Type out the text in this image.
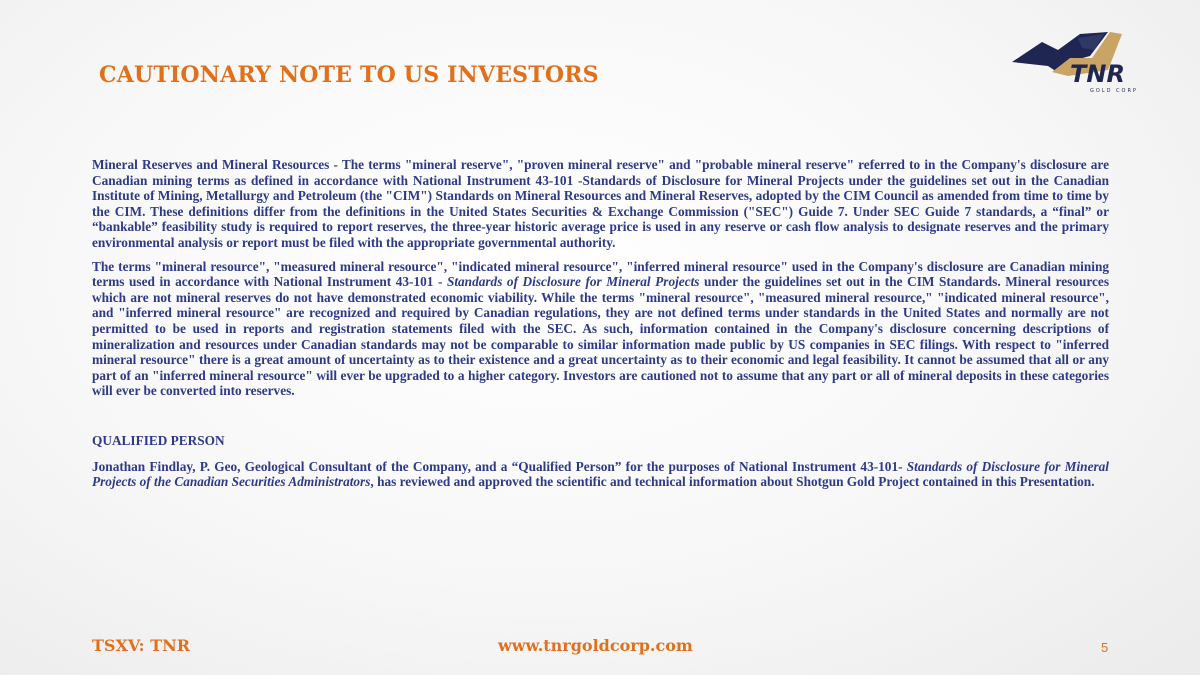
CAUTIONARY NOTE TO US INVESTORS	TNR
GOLD CORP

Mineral Reserves and Mineral Resources - The terms "mineral reserve", "proven mineral reserve" and "probable mineral reserve" referred to in the Company's disclosure are Canadian mining terms as defined in accordance with National Instrument 43-101 -Standards of Disclosure for Mineral Projects under the guidelines set out in the Canadian Institute of Mining, Metallurgy and Petroleum (the "CIM") Standards on Mineral Resources and Mineral Reserves, adopted by the CIM Council as amended from time to time by the CIM. These definitions differ from the definitions in the United States Securities & Exchange Commission ("SEC") Guide 7. Under SEC Guide 7 standards, a “final” or “bankable” feasibility study is required to report reserves, the three-year historic average price is used in any reserve or cash flow analysis to designate reserves and the primary environmental analysis or report must be filed with the appropriate governmental authority.

The terms "mineral resource", "measured mineral resource", "indicated mineral resource", "inferred mineral resource" used in the Company's disclosure are Canadian mining terms used in accordance with National Instrument 43-101 - Standards of Disclosure for Mineral Projects under the guidelines set out in the CIM Standards. Mineral resources which are not mineral reserves do not have demonstrated economic viability. While the terms "mineral resource", "measured mineral resource," "indicated mineral resource", and "inferred mineral resource" are recognized and required by Canadian regulations, they are not defined terms under standards in the United States and normally are not permitted to be used in reports and registration statements filed with the SEC. As such, information contained in the Company's disclosure concerning descriptions of mineralization and resources under Canadian standards may not be comparable to similar information made public by US companies in SEC filings. With respect to "inferred mineral resource" there is a great amount of uncertainty as to their existence and a great uncertainty as to their economic and legal feasibility. It cannot be assumed that all or any part of an "inferred mineral resource" will ever be upgraded to a higher category. Investors are cautioned not to assume that any part or all of mineral deposits in these categories will ever be converted into reserves.

QUALIFIED PERSON

Jonathan Findlay, P. Geo, Geological Consultant of the Company, and a “Qualified Person” for the purposes of National Instrument 43-101- Standards of Disclosure for Mineral Projects of the Canadian Securities Administrators, has reviewed and approved the scientific and technical information about Shotgun Gold Project contained in this Presentation.

TSXV: TNR	www.tnrgoldcorp.com	5
